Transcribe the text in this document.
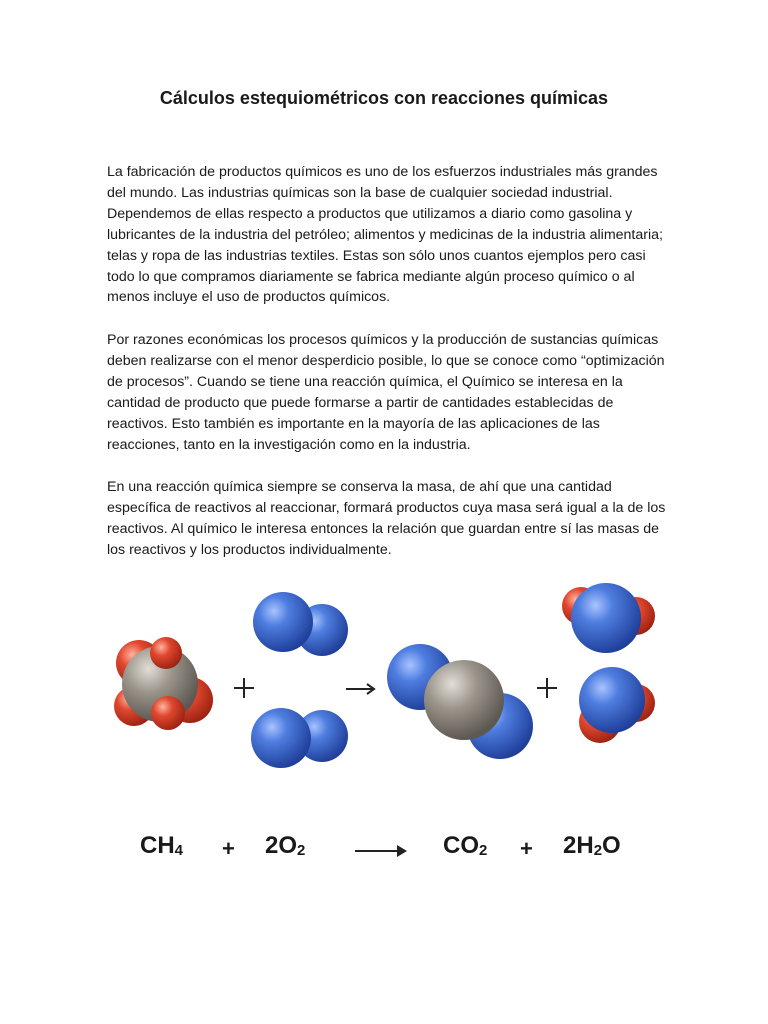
Cálculos estequiométricos con reacciones químicas

La fabricación de productos químicos es uno de los esfuerzos industriales más grandes del mundo. Las industrias químicas son la base de cualquier sociedad industrial. Dependemos de ellas respecto a productos que utilizamos a diario como gasolina y lubricantes de la industria del petróleo; alimentos y medicinas de la industria alimentaria; telas y ropa de las industrias textiles. Estas son sólo unos cuantos ejemplos pero casi todo lo que compramos diariamente se fabrica mediante algún proceso químico o al menos incluye el uso de productos químicos.

Por razones económicas los procesos químicos y la producción de sustancias químicas deben realizarse con el menor desperdicio posible, lo que se conoce como “optimización de procesos”. Cuando se tiene una reacción química, el Químico se interesa en la cantidad de producto que puede formarse a partir de cantidades establecidas de reactivos. Esto también es importante en la mayoría de las aplicaciones de las reacciones, tanto en la investigación como en la industria.

En una reacción química siempre se conserva la masa, de ahí que una cantidad específica de reactivos al reaccionar, formará productos cuya masa será igual a la de los reactivos. Al químico le interesa entonces la relación que guardan entre sí las masas de los reactivos y los productos individualmente.

$CH_4 + 2O_2$	$CO_2 + 2H_2O$
